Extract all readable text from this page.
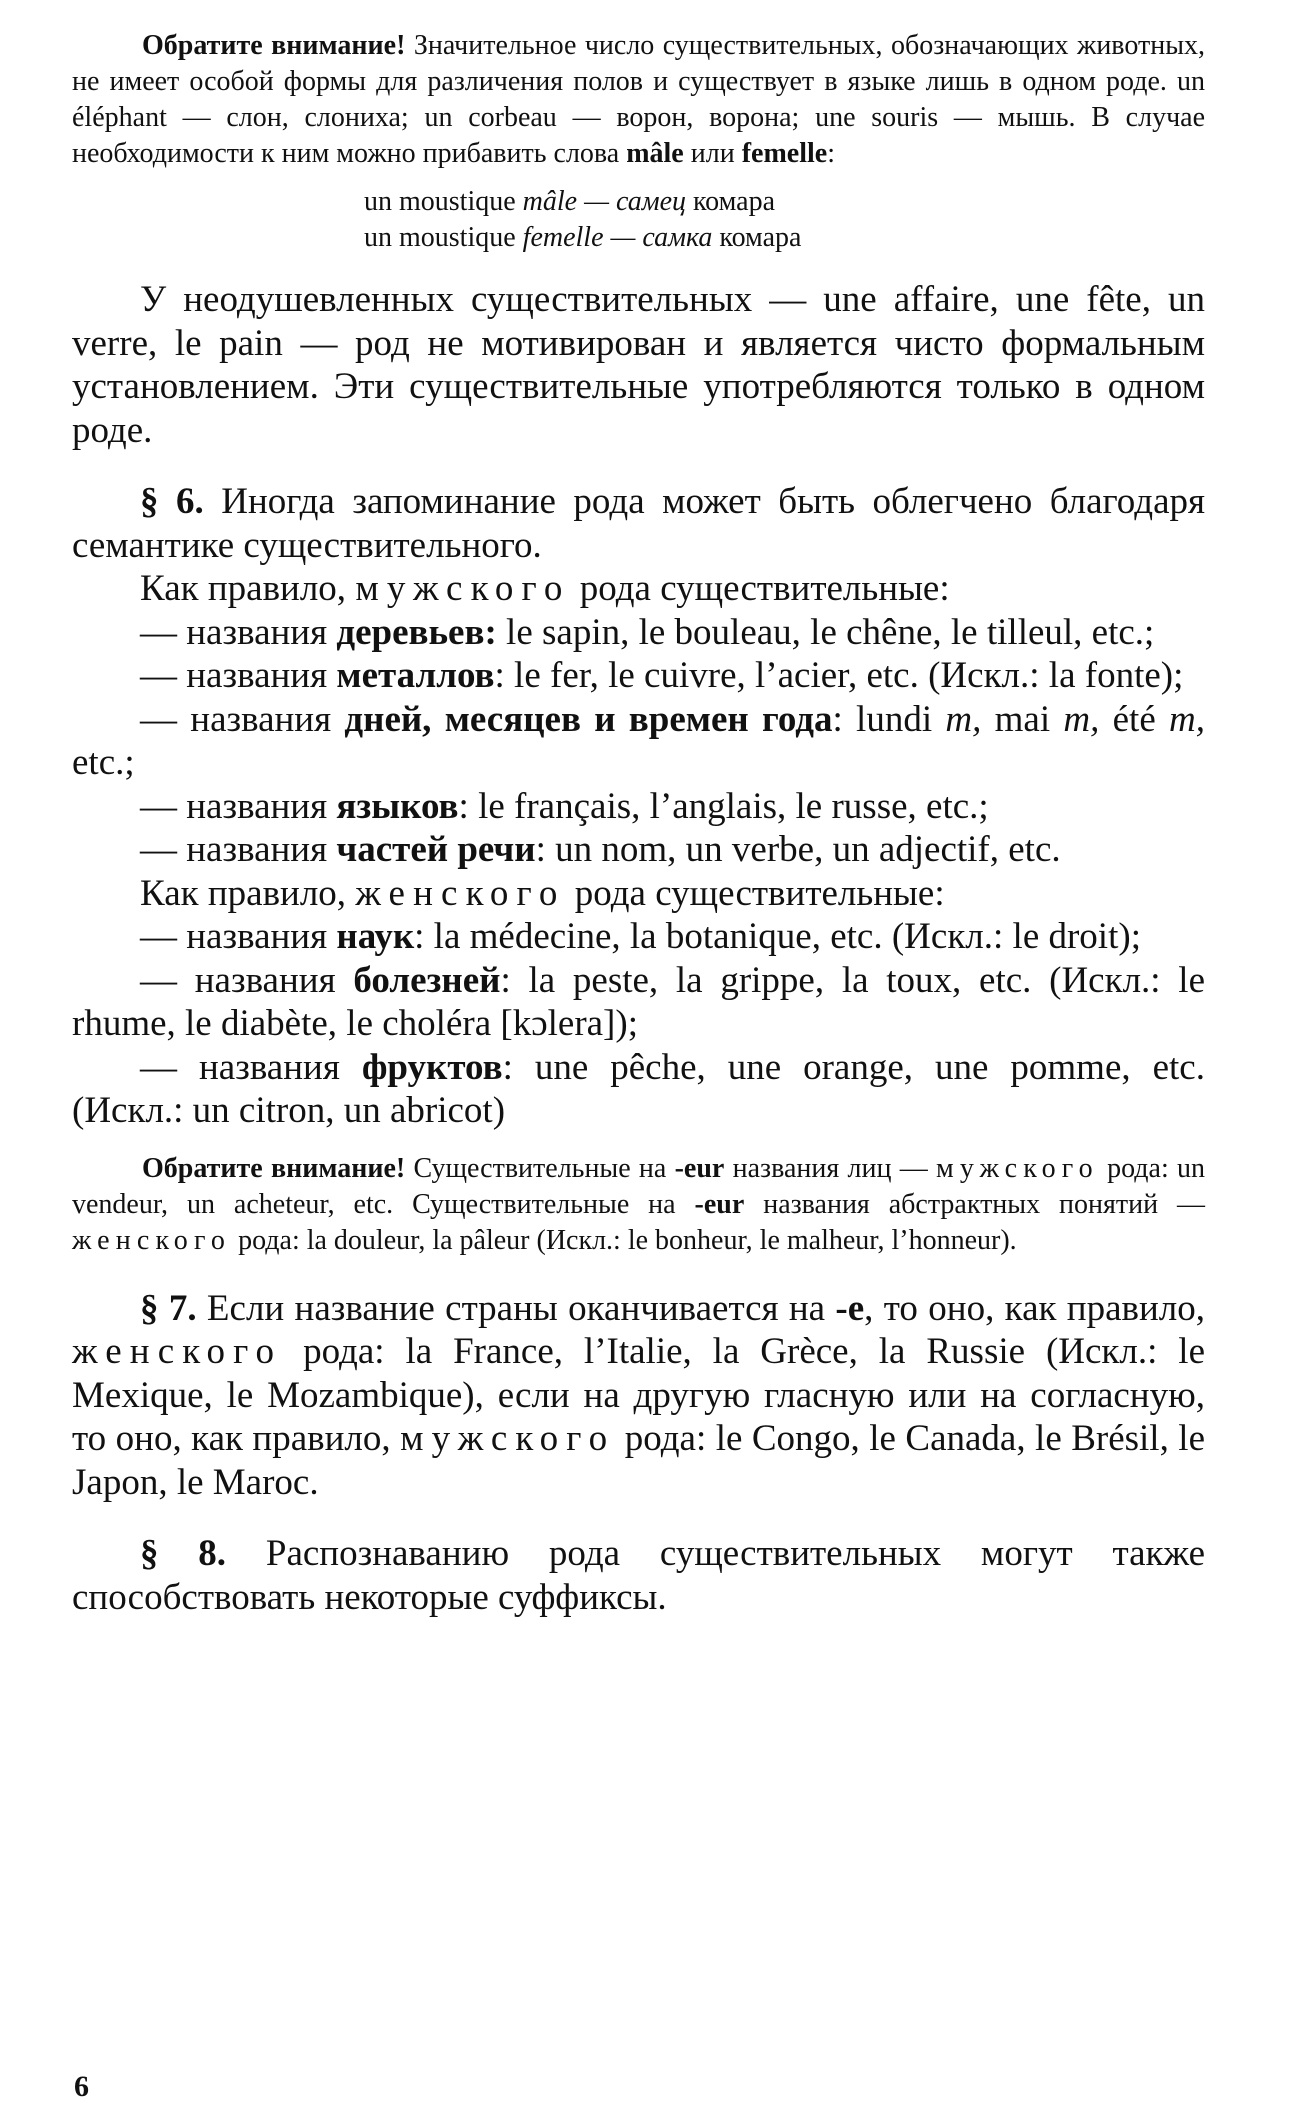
Обратите внимание! Значительное число существительных, обозначающих животных, не имеет особой формы для различения полов и существует в языке лишь в одном роде. un éléphant — слон, слониха; un corbeau — ворон, ворона; une souris — мышь. В случае необходимости к ним можно прибавить слова mâle или femelle:

un moustique mâle — самец комара
un moustique femelle — самка комара

У неодушевленных существительных — une affaire, une fête, un verre, le pain — род не мотивирован и является чисто формальным установлением. Эти существительные употребляются только в одном роде.

§ 6. Иногда запоминание рода может быть облегчено благодаря семантике существительного.

Как правило, мужского рода существительные:

— названия деревьев: le sapin, le bouleau, le chêne, le tilleul, etc.;

— названия металлов: le fer, le cuivre, l’acier, etc. (Искл.: la fonte);

— названия дней, месяцев и времен года: lundi m, mai m, été m, etc.;

— названия языков: le français, l’anglais, le russe, etc.;

— названия частей речи: un nom, un verbe, un adjectif, etc.

Как правило, женского рода существительные:

— названия наук: la médecine, la botanique, etc. (Искл.: le droit);

— названия болезней: la peste, la grippe, la toux, etc. (Искл.: le rhume, le diabète, le choléra [kɔlera]);

— названия фруктов: une pêche, une orange, une pomme, etc. (Искл.: un citron, un abricot)

Обратите внимание! Существительные на -eur названия лиц — мужского рода: un vendeur, un acheteur, etc. Существительные на -eur названия абстрактных понятий — женского рода: la douleur, la pâleur (Искл.: le bonheur, le malheur, l’honneur).

§ 7. Если название страны оканчивается на -e, то оно, как правило, женского рода: la France, l’Italie, la Grèce, la Russie (Искл.: le Mexique, le Mozambique), если на другую гласную или на согласную, то оно, как правило, мужского рода: le Congo, le Canada, le Brésil, le Japon, le Maroc.

§ 8. Распознаванию рода существительных могут также способствовать некоторые суффиксы.

6
